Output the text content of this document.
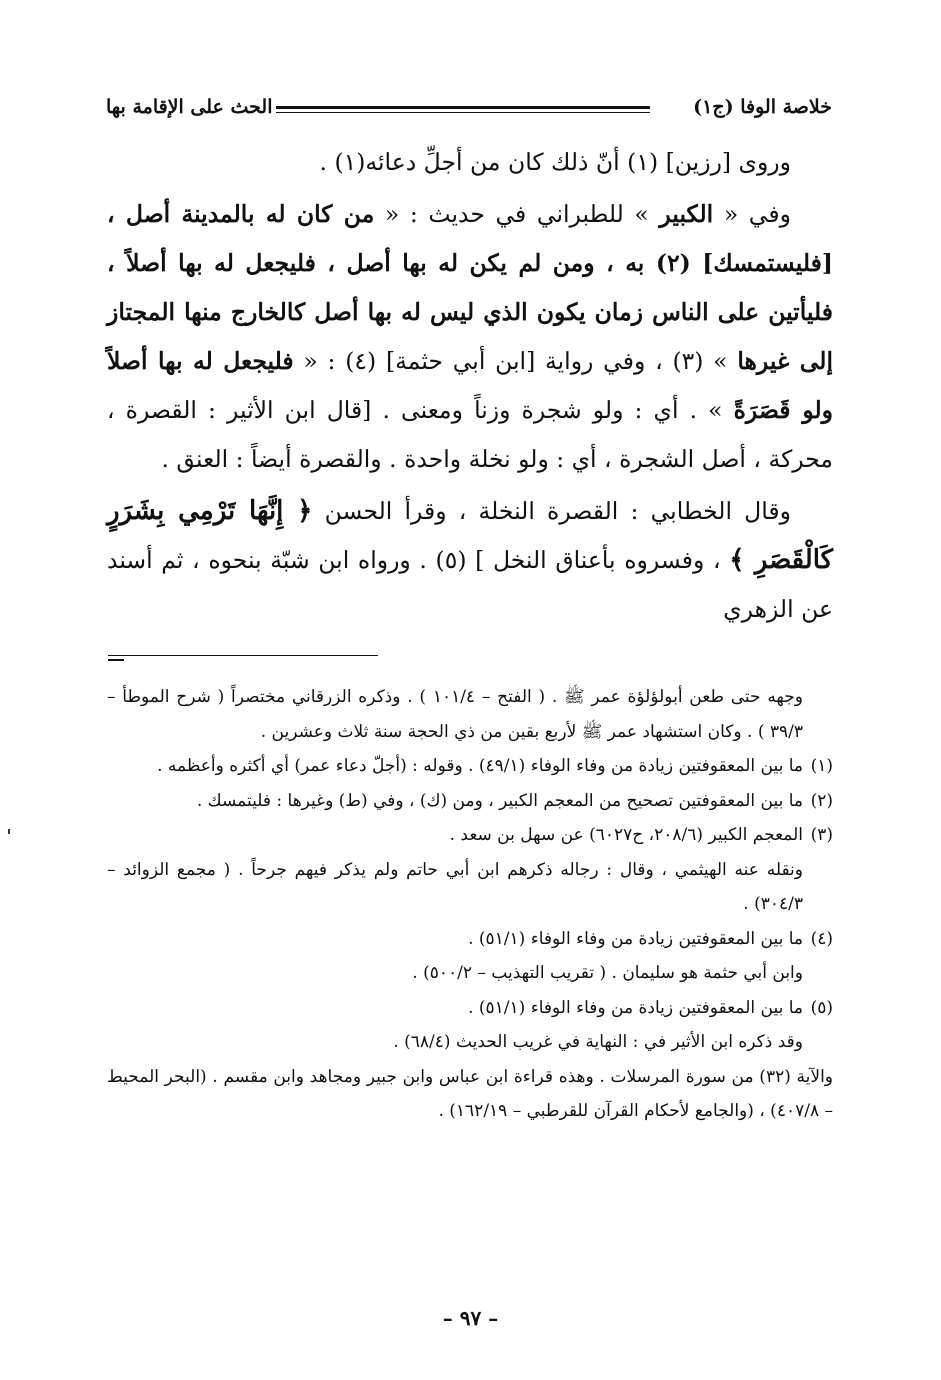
خلاصة الوفا (ج١)
الحث على الإقامة بها

وروى [رزين] (١) أنّ ذلك كان من أجلِّ دعائه(١) .

وفي « الكبير » للطبراني في حديث : « من كان له بالمدينة أصل ، [فليستمسك] (٢) به ، ومن لم يكن له بها أصل ، فليجعل له بها أصلاً ، فليأتين على الناس زمان يكون الذي ليس له بها أصل كالخارج منها المجتاز إلى غيرها » (٣) ، وفي رواية [ابن أبي حثمة] (٤) : « فليجعل له بها أصلاً ولو قَصَرَةً » . أي : ولو شجرة وزناً ومعنى . [قال ابن الأثير : القصرة ، محركة ، أصل الشجرة ، أي : ولو نخلة واحدة . والقصرة أيضاً : العنق .

وقال الخطابي : القصرة النخلة ، وقرأ الحسن ﴿ إِنَّهَا تَرْمِي بِشَرَرٍ كَالْقَصَرِ ﴾ ، وفسروه بأعناق النخل ] (٥) . ورواه ابن شبّة بنحوه ، ثم أسند عن الزهري

وجهه حتى طعن أبولؤلؤة عمر ﷺ . ( الفتح – ١٠١/٤ ) . وذكره الزرقاني مختصراً ( شرح الموطأ – ٣٩/٣ ) . وكان استشهاد عمر ﷺ لأربع بقين من ذي الحجة سنة ثلاث وعشرين .
(١)ما بين المعقوفتين زيادة من وفاء الوفاء (٤٩/١) . وقوله : (أجلّ دعاء عمر) أي أكثره وأعظمه .
(٢)ما بين المعقوفتين تصحيح من المعجم الكبير ، ومن (ك) ، وفي (ط) وغيرها : فليتمسك .
(٣)المعجم الكبير (٢٠٨/٦، ح٦٠٢٧) عن سهل بن سعد .
ونقله عنه الهيثمي ، وقال : رجاله ذكرهم ابن أبي حاتم ولم يذكر فيهم جرحاً . ( مجمع الزوائد – ٣٠٤/٣) .
(٤)ما بين المعقوفتين زيادة من وفاء الوفاء (٥١/١) .
وابن أبي حثمة هو سليمان . ( تقريب التهذيب – ٥٠٠/٢) .
(٥)ما بين المعقوفتين زيادة من وفاء الوفاء (٥١/١) .
وقد ذكره ابن الأثير في : النهاية في غريب الحديث (٦٨/٤) .
والآية (٣٢) من سورة المرسلات . وهذه قراءة ابن عباس وابن جبير ومجاهد وابن مقسم . (البحر المحيط – ٤٠٧/٨) ، (والجامع لأحكام القرآن للقرطبي – ١٦٢/١٩) .
– ٩٧ –
